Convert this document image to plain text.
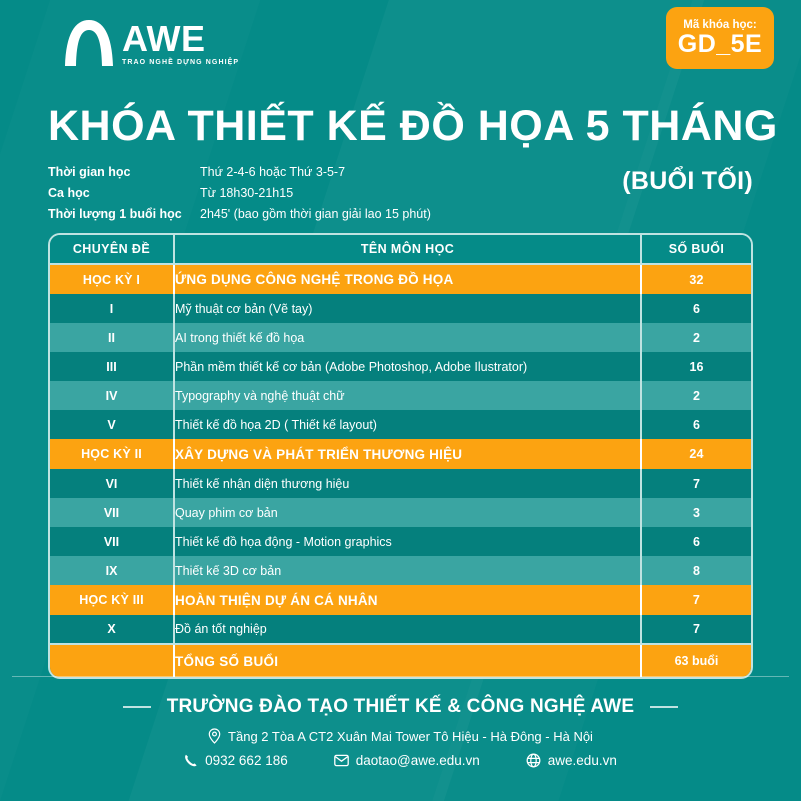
AWE
TRAO NGHỀ DỰNG NGHIỆP
Mã khóa học:
GD_5E
KHÓA THIẾT KẾ ĐỒ HỌA 5 THÁNG
Thời gian học	Thứ 2-4-6 hoặc Thứ 3-5-7
Ca học	Từ 18h30-21h15
Thời lượng 1 buổi học	2h45' (bao gồm thời gian giải lao 15 phút)
(BUỔI TỐI)
CHUYÊN ĐỀ	TÊN MÔN HỌC	SỐ BUỔI
HỌC KỲ I	ỨNG DỤNG CÔNG NGHỆ TRONG ĐỒ HỌA	32
I	Mỹ thuật cơ bản (Vẽ tay)	6
II	AI trong thiết kế đồ họa	2
III	Phần mềm thiết kế cơ bản (Adobe Photoshop, Adobe Ilustrator)	16
IV	Typography và nghệ thuật chữ	2
V	Thiết kế đồ họa 2D ( Thiết kế layout)	6
HỌC KỲ II	XÂY DỰNG VÀ PHÁT TRIỂN THƯƠNG HIỆU	24
VI	Thiết kế nhận diện thương hiệu	7
VII	Quay phim cơ bản	3
VII	Thiết kế đồ họa động - Motion graphics	6
IX	Thiết kế 3D cơ bản	8
HỌC KỲ III	HOÀN THIỆN DỰ ÁN CÁ NHÂN	7
X	Đồ án tốt nghiệp	7
	TỔNG SỐ BUỔI	63 buổi
TRƯỜNG ĐÀO TẠO THIẾT KẾ & CÔNG NGHỆ AWE
Tầng 2 Tòa A CT2 Xuân Mai Tower Tô Hiệu - Hà Đông - Hà Nội
0932 662 186	daotao@awe.edu.vn	awe.edu.vn
